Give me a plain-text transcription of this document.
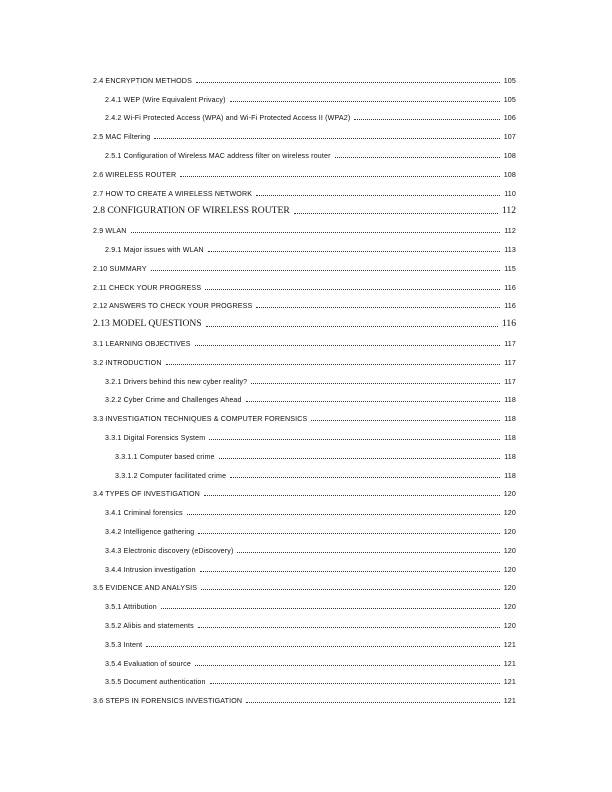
2.4 ENCRYPTION METHODS	105
2.4.1 WEP (Wire Equivalent Privacy)	105
2.4.2 Wi-Fi Protected Access (WPA) and Wi-Fi Protected Access II (WPA2)	106
2.5 MAC Filtering	107
2.5.1 Configuration of Wireless MAC address filter on wireless router	108
2.6 WIRELESS ROUTER	108
2.7 HOW TO CREATE A WIRELESS NETWORK	110
2.8 CONFIGURATION OF WIRELESS ROUTER	112
2.9 WLAN	112
2.9.1 Major issues with WLAN	113
2.10 SUMMARY	115
2.11 CHECK YOUR PROGRESS	116
2.12 ANSWERS TO CHECK YOUR PROGRESS	116
2.13 MODEL QUESTIONS	116
3.1 LEARNING OBJECTIVES	117
3.2 INTRODUCTION	117
3.2.1 Drivers behind this new cyber reality?	117
3.2.2 Cyber Crime and Challenges Ahead	118
3.3 INVESTIGATION TECHNIQUES & COMPUTER FORENSICS	118
3.3.1 Digital Forensics System	118
3.3.1.1 Computer based crime	118
3.3.1.2 Computer facilitated crime	118
3.4 TYPES OF INVESTIGATION	120
3.4.1 Criminal forensics	120
3.4.2 Intelligence gathering	120
3.4.3 Electronic discovery (eDiscovery)	120
3.4.4 Intrusion investigation	120
3.5 EVIDENCE AND ANALYSIS	120
3.5.1 Attribution	120
3.5.2 Alibis and statements	120
3.5.3 Intent	121
3.5.4 Evaluation of source	121
3.5.5 Document authentication	121
3.6 STEPS IN FORENSICS INVESTIGATION	121
